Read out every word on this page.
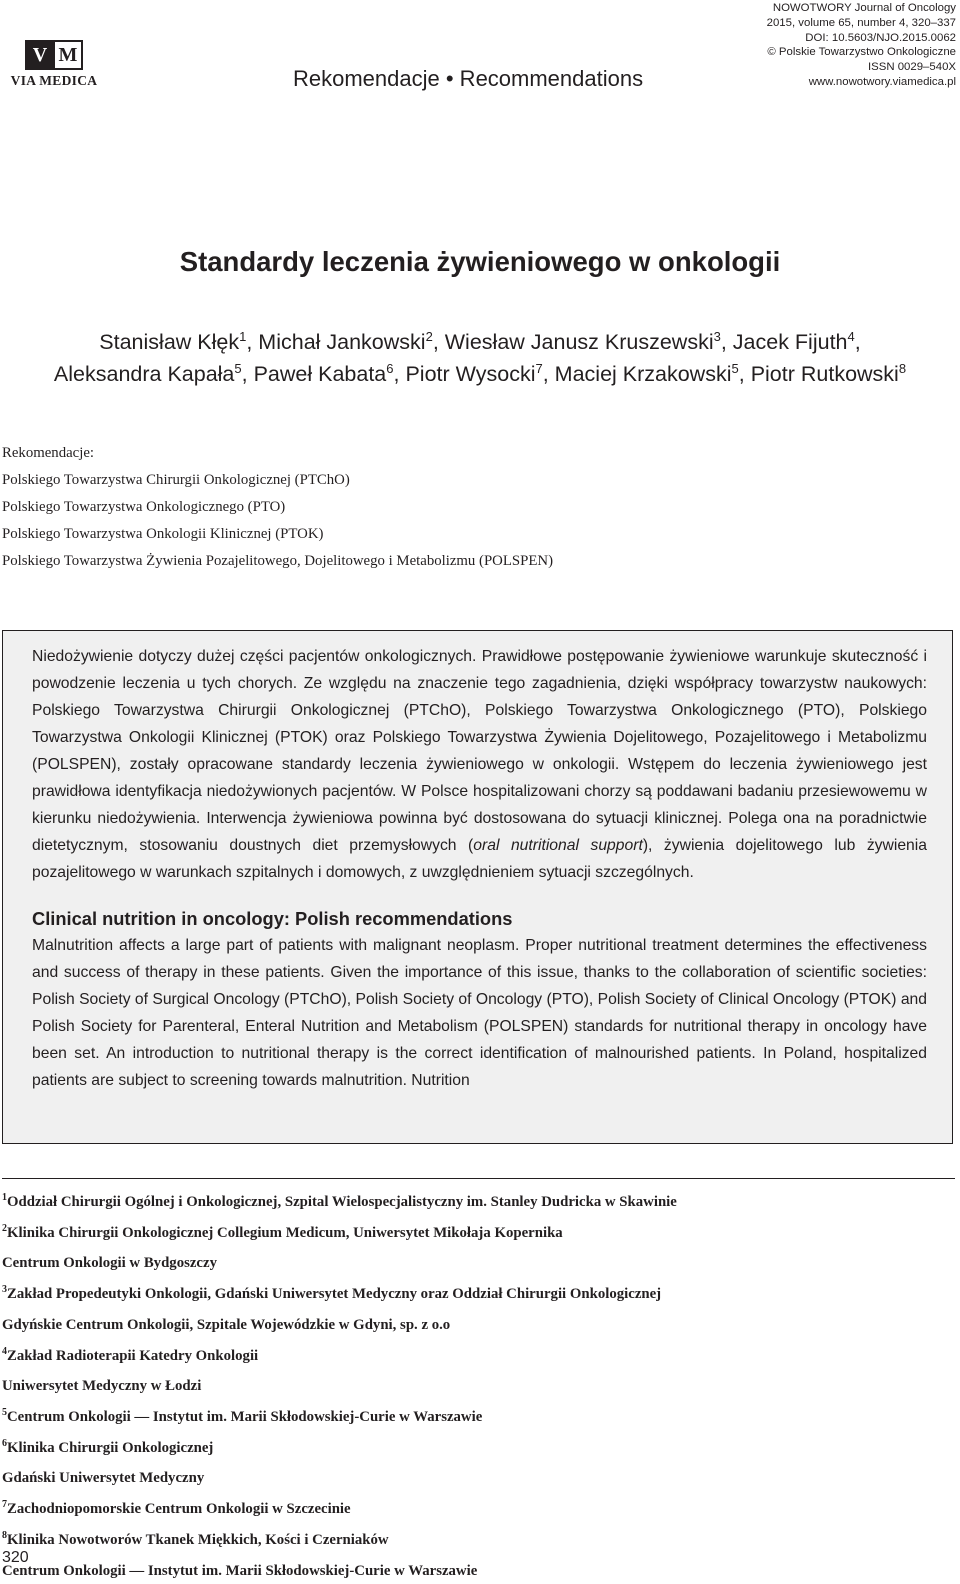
V M
VIA MEDICA	Rekomendacje • Recommendations
NOWOTWORY Journal of Oncology
2015, volume 65, number 4, 320–337
DOI: 10.5603/NJO.2015.0062
© Polskie Towarzystwo Onkologiczne
ISSN 0029–540X
www.nowotwory.viamedica.pl
Standardy leczenia żywieniowego w onkologii
Stanisław Kłęk$^1$, Michał Jankowski$^2$, Wiesław Janusz Kruszewski$^3$, Jacek Fijuth$^4$,
Aleksandra Kapała$^5$, Paweł Kabata$^6$, Piotr Wysocki$^7$, Maciej Krzakowski$^5$, Piotr Rutkowski$^8$
Rekomendacje:
Polskiego Towarzystwa Chirurgii Onkologicznej (PTChO)
Polskiego Towarzystwa Onkologicznego (PTO)
Polskiego Towarzystwa Onkologii Klinicznej (PTOK)
Polskiego Towarzystwa Żywienia Pozajelitowego, Dojelitowego i Metabolizmu (POLSPEN)

Niedożywienie dotyczy dużej części pacjentów onkologicznych. Prawidłowe postępowanie żywieniowe warunkuje skuteczność i powodzenie leczenia u tych chorych. Ze względu na znaczenie tego zagadnienia, dzięki współpracy towarzystw naukowych: Polskiego Towarzystwa Chirurgii Onkologicznej (PTChO), Polskiego Towarzystwa Onkologicznego (PTO), Polskiego Towarzystwa Onkologii Klinicznej (PTOK) oraz Polskiego Towarzystwa Żywienia Dojelitowego, Pozajelitowego i Metabolizmu (POLSPEN), zostały opracowane standardy leczenia żywieniowego w onkologii. Wstępem do leczenia żywieniowego jest prawidłowa identyfikacja niedożywionych pacjentów. W Polsce hospitalizowani chorzy są poddawani badaniu przesiewowemu w kierunku niedożywienia. Interwencja żywieniowa powinna być dostosowana do sytuacji klinicznej. Polega ona na poradnictwie dietetycznym, stosowaniu doustnych diet przemysłowych (oral nutritional support), żywienia dojelitowego lub żywienia pozajelitowego w warunkach szpitalnych i domowych, z uwzględnieniem sytuacji szczególnych.

Clinical nutrition in oncology: Polish recommendations

Malnutrition affects a large part of patients with malignant neoplasm. Proper nutritional treatment determines the effectiveness and success of therapy in these patients. Given the importance of this issue, thanks to the collaboration of scientific societies: Polish Society of Surgical Oncology (PTChO), Polish Society of Oncology (PTO), Polish Society of Clinical Oncology (PTOK) and Polish Society for Parenteral, Enteral Nutrition and Metabolism (POLSPEN) standards for nutritional therapy in oncology have been set. An introduction to nutritional therapy is the correct identification of malnourished patients. In Poland, hospitalized patients are subject to screening towards malnutrition. Nutrition

$^1$Oddział Chirurgii Ogólnej i Onkologicznej, Szpital Wielospecjalistyczny im. Stanley Dudricka w Skawinie
$^2$Klinika Chirurgii Onkologicznej Collegium Medicum, Uniwersytet Mikołaja Kopernika
Centrum Onkologii w Bydgoszczy
$^3$Zakład Propedeutyki Onkologii, Gdański Uniwersytet Medyczny oraz Oddział Chirurgii Onkologicznej
Gdyńskie Centrum Onkologii, Szpitale Wojewódzkie w Gdyni, sp. z o.o
$^4$Zakład Radioterapii Katedry Onkologii
Uniwersytet Medyczny w Łodzi
$^5$Centrum Onkologii — Instytut im. Marii Skłodowskiej-Curie w Warszawie
$^6$Klinika Chirurgii Onkologicznej
Gdański Uniwersytet Medyczny
$^7$Zachodniopomorskie Centrum Onkologii w Szczecinie
$^8$Klinika Nowotworów Tkanek Miękkich, Kości i Czerniaków
Centrum Onkologii — Instytut im. Marii Skłodowskiej-Curie w Warszawie
320
